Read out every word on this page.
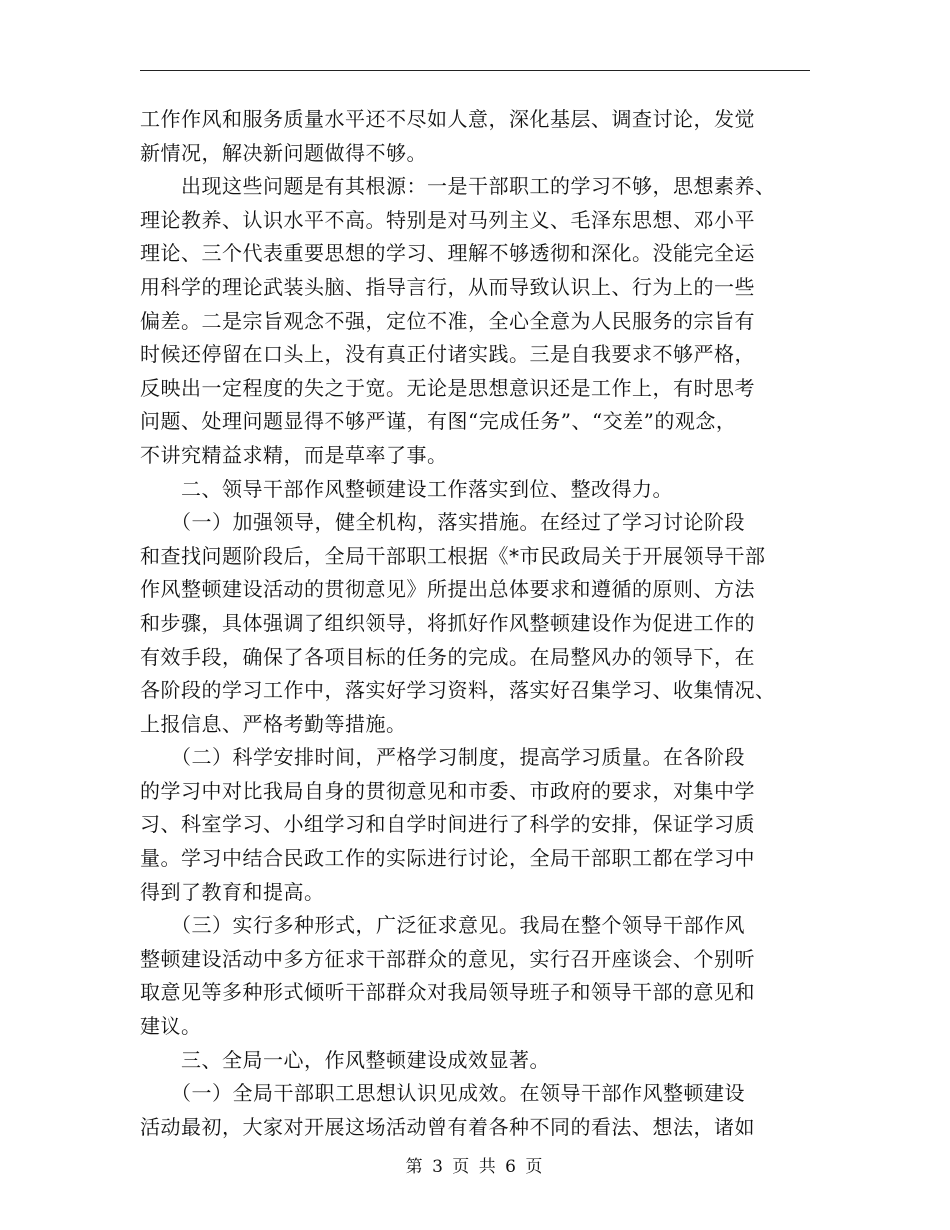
工作作风和服务质量水平还不尽如人意，深化基层、调查讨论，发觉
新情况，解决新问题做得不够。
　　出现这些问题是有其根源：一是干部职工的学习不够，思想素养、
理论教养、认识水平不高。特别是对马列主义、毛泽东思想、邓小平
理论、三个代表重要思想的学习、理解不够透彻和深化。没能完全运
用科学的理论武装头脑、指导言行，从而导致认识上、行为上的一些
偏差。二是宗旨观念不强，定位不准，全心全意为人民服务的宗旨有
时候还停留在口头上，没有真正付诸实践。三是自我要求不够严格，
反映出一定程度的失之于宽。无论是思想意识还是工作上，有时思考
问题、处理问题显得不够严谨，有图“完成任务”、“交差”的观念，
不讲究精益求精，而是草率了事。
　　二、领导干部作风整顿建设工作落实到位、整改得力。
　　（一）加强领导，健全机构，落实措施。在经过了学习讨论阶段
和查找问题阶段后，全局干部职工根据《*市民政局关于开展领导干部
作风整顿建设活动的贯彻意见》所提出总体要求和遵循的原则、方法
和步骤，具体强调了组织领导，将抓好作风整顿建设作为促进工作的
有效手段，确保了各项目标的任务的完成。在局整风办的领导下，在
各阶段的学习工作中，落实好学习资料，落实好召集学习、收集情况、
上报信息、严格考勤等措施。
　　（二）科学安排时间，严格学习制度，提高学习质量。在各阶段
的学习中对比我局自身的贯彻意见和市委、市政府的要求，对集中学
习、科室学习、小组学习和自学时间进行了科学的安排，保证学习质
量。学习中结合民政工作的实际进行讨论，全局干部职工都在学习中
得到了教育和提高。
　　（三）实行多种形式，广泛征求意见。我局在整个领导干部作风
整顿建设活动中多方征求干部群众的意见，实行召开座谈会、个别听
取意见等多种形式倾听干部群众对我局领导班子和领导干部的意见和
建议。
　　三、全局一心，作风整顿建设成效显著。
　　（一）全局干部职工思想认识见成效。在领导干部作风整顿建设
活动最初，大家对开展这场活动曾有着各种不同的看法、想法，诸如
第 3 页 共 6 页
